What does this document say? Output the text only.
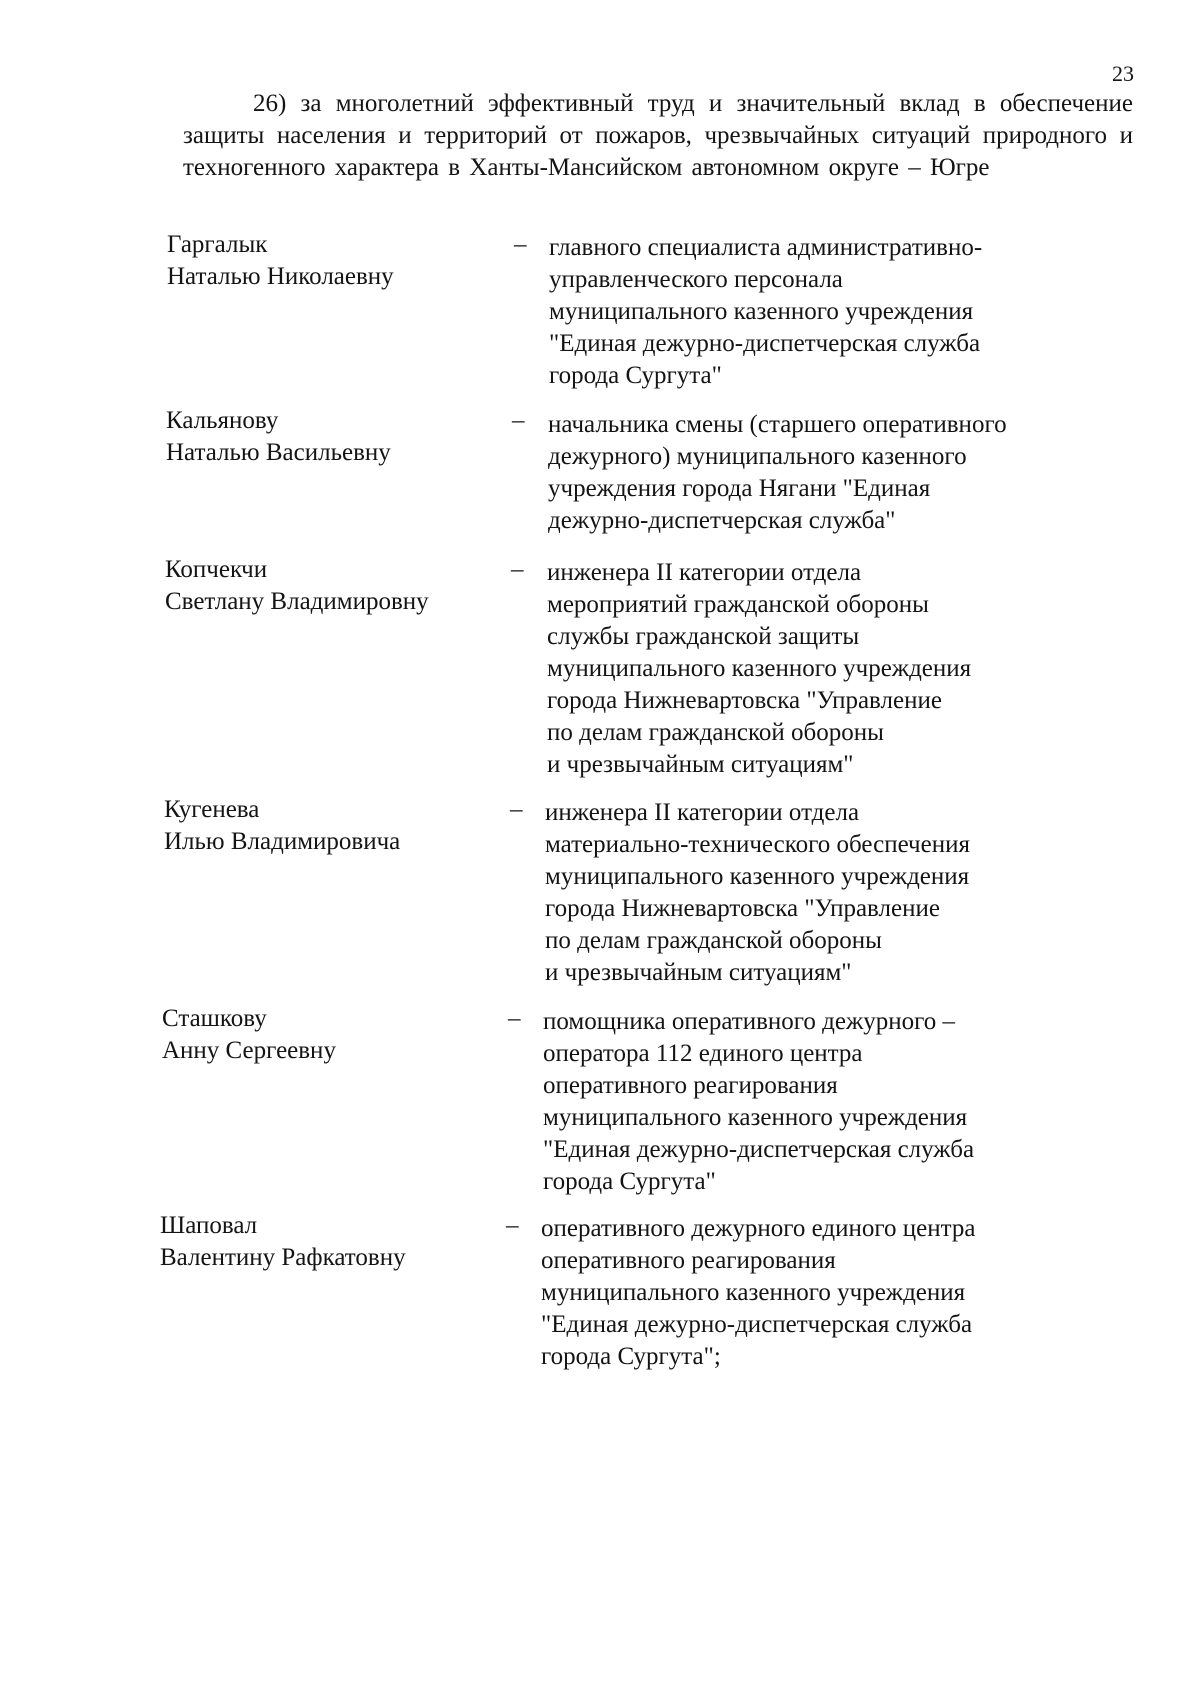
23

26) за многолетний эффективный труд и значительный вклад в обеспечение защиты населения и территорий от пожаров, чрезвычайных ситуаций природного и техногенного характера в Ханты-Мансийском автономном округе – Югре

Гаргалык
Наталью Николаевну
– главного специалиста административно-
управленческого персонала
муниципального казенного учреждения
"Единая дежурно-диспетчерская служба
города Сургута"
Кальянову
Наталью Васильевну
– начальника смены (старшего оперативного
дежурного) муниципального казенного
учреждения города Нягани "Единая
дежурно-диспетчерская служба"
Копчекчи
Светлану Владимировну
– инженера II категории отдела
мероприятий гражданской обороны
службы гражданской защиты
муниципального казенного учреждения
города Нижневартовска "Управление
по делам гражданской обороны
и чрезвычайным ситуациям"
Кугенева
Илью Владимировича
– инженера II категории отдела
материально-технического обеспечения
муниципального казенного учреждения
города Нижневартовска "Управление
по делам гражданской обороны
и чрезвычайным ситуациям"
Сташкову
Анну Сергеевну
– помощника оперативного дежурного –
оператора 112 единого центра
оперативного реагирования
муниципального казенного учреждения
"Единая дежурно-диспетчерская служба
города Сургута"
Шаповал
Валентину Рафкатовну
– оперативного дежурного единого центра
оперативного реагирования
муниципального казенного учреждения
"Единая дежурно-диспетчерская служба
города Сургута";
